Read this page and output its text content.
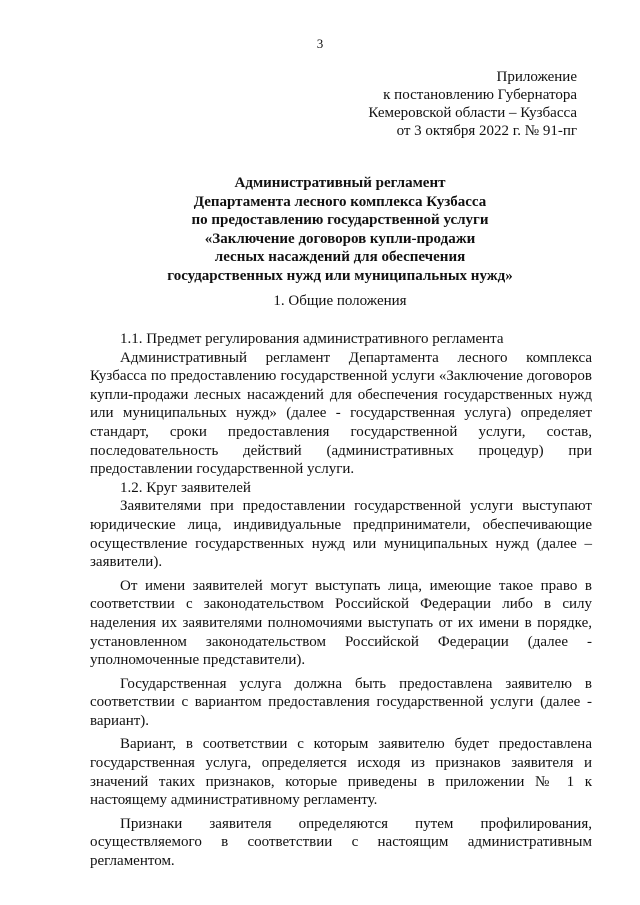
3
Приложение
к постановлению Губернатора
Кемеровской области – Кузбасса
от 3 октября 2022 г. № 91-пг
Административный регламент
Департамента лесного комплекса Кузбасса
по предоставлению государственной услуги
«Заключение договоров купли-продажи
лесных насаждений для обеспечения
государственных нужд или муниципальных нужд»
1. Общие положения

1.1. Предмет регулирования административного регламента

Административный регламент Департамента лесного комплекса Кузбасса по предоставлению государственной услуги «Заключение договоров купли-продажи лесных насаждений для обеспечения государственных нужд или муниципальных нужд» (далее - государственная услуга) определяет стандарт, сроки предоставления государственной услуги, состав, последовательность действий (административных процедур) при предоставлении государственной услуги.

1.2. Круг заявителей

Заявителями при предоставлении государственной услуги выступают юридические лица, индивидуальные предприниматели, обеспечивающие осуществление государственных нужд или муниципальных нужд (далее – заявители).

От имени заявителей могут выступать лица, имеющие такое право в соответствии с законодательством Российской Федерации либо в силу наделения их заявителями полномочиями выступать от их имени в порядке, установленном законодательством Российской Федерации (далее - уполномоченные представители).

Государственная услуга должна быть предоставлена заявителю в соответствии с вариантом предоставления государственной услуги (далее - вариант).

Вариант, в соответствии с которым заявителю будет предоставлена государственная услуга, определяется исходя из признаков заявителя и значений таких признаков, которые приведены в приложении № 1 к настоящему административному регламенту.

Признаки заявителя определяются путем профилирования, осуществляемого в соответствии с настоящим административным регламентом.
